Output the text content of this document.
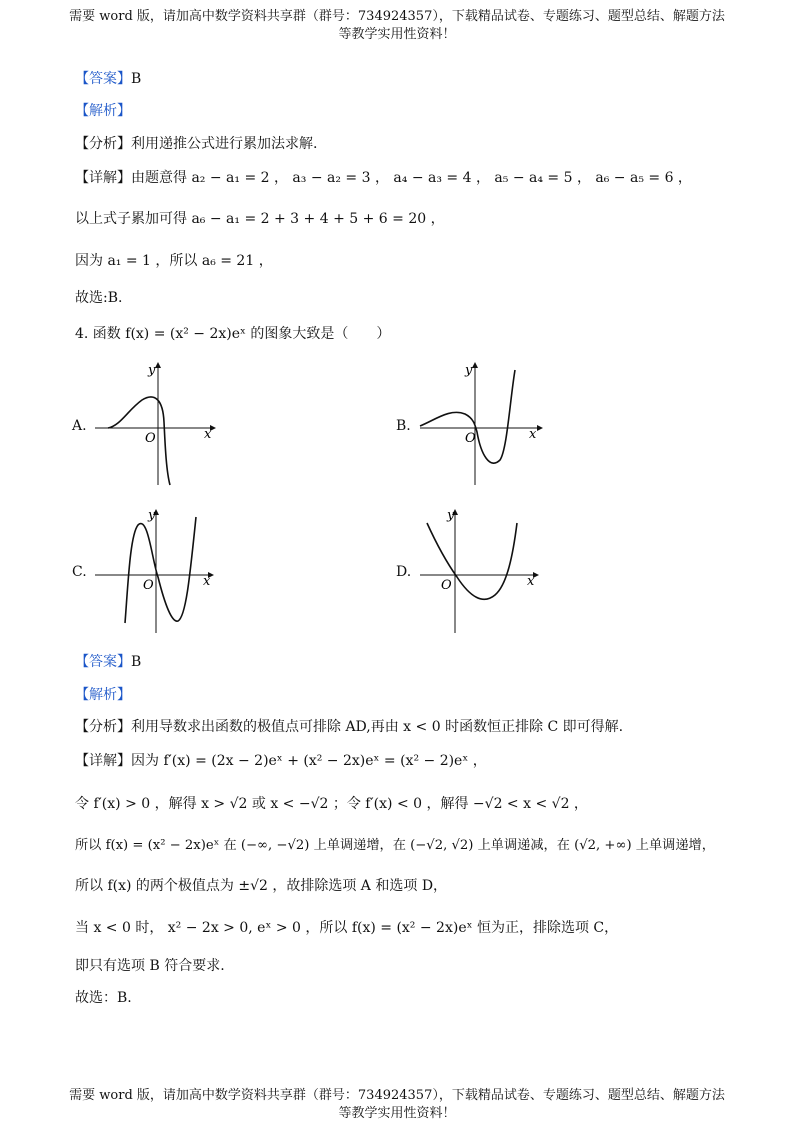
需要 word 版，请加高中数学资料共享群（群号：734924357），下载精品试卷、专题练习、题型总结、解题方法
等教学实用性资料！
【答案】B
【解析】
【分析】利用递推公式进行累加法求解.
【详解】由题意得 a₂ − a₁ = 2 ， a₃ − a₂ = 3 ， a₄ − a₃ = 4 ， a₅ − a₄ = 5 ， a₆ − a₅ = 6 ，
以上式子累加可得 a₆ − a₁ = 2 + 3 + 4 + 5 + 6 = 20 ，
因为 a₁ = 1 ，所以 a₆ = 21 ，
故选:B.
4. 函数 f(x) = (x² − 2x)eˣ 的图象大致是（　　）
A.
y
x
O
B.
y
x
O
C.
y
x
O
D.
y
x
O
【答案】B
【解析】
【分析】利用导数求出函数的极值点可排除 AD,再由 x < 0 时函数恒正排除 C 即可得解.
【详解】因为 f′(x) = (2x − 2)eˣ + (x² − 2x)eˣ = (x² − 2)eˣ ，
令 f′(x) > 0 ，解得 x > √2 或 x < −√2 ；令 f′(x) < 0 ，解得 −√2 < x < √2 ，
所以 f(x) = (x² − 2x)eˣ 在 (−∞, −√2) 上单调递增，在 (−√2, √2) 上单调递减，在 (√2, +∞) 上单调递增，
所以 f(x) 的两个极值点为 ±√2 ，故排除选项 A 和选项 D，
当 x < 0 时， x² − 2x > 0, eˣ > 0 ，所以 f(x) = (x² − 2x)eˣ 恒为正，排除选项 C，
即只有选项 B 符合要求.
故选：B.
需要 word 版，请加高中数学资料共享群（群号：734924357），下载精品试卷、专题练习、题型总结、解题方法
等教学实用性资料！
